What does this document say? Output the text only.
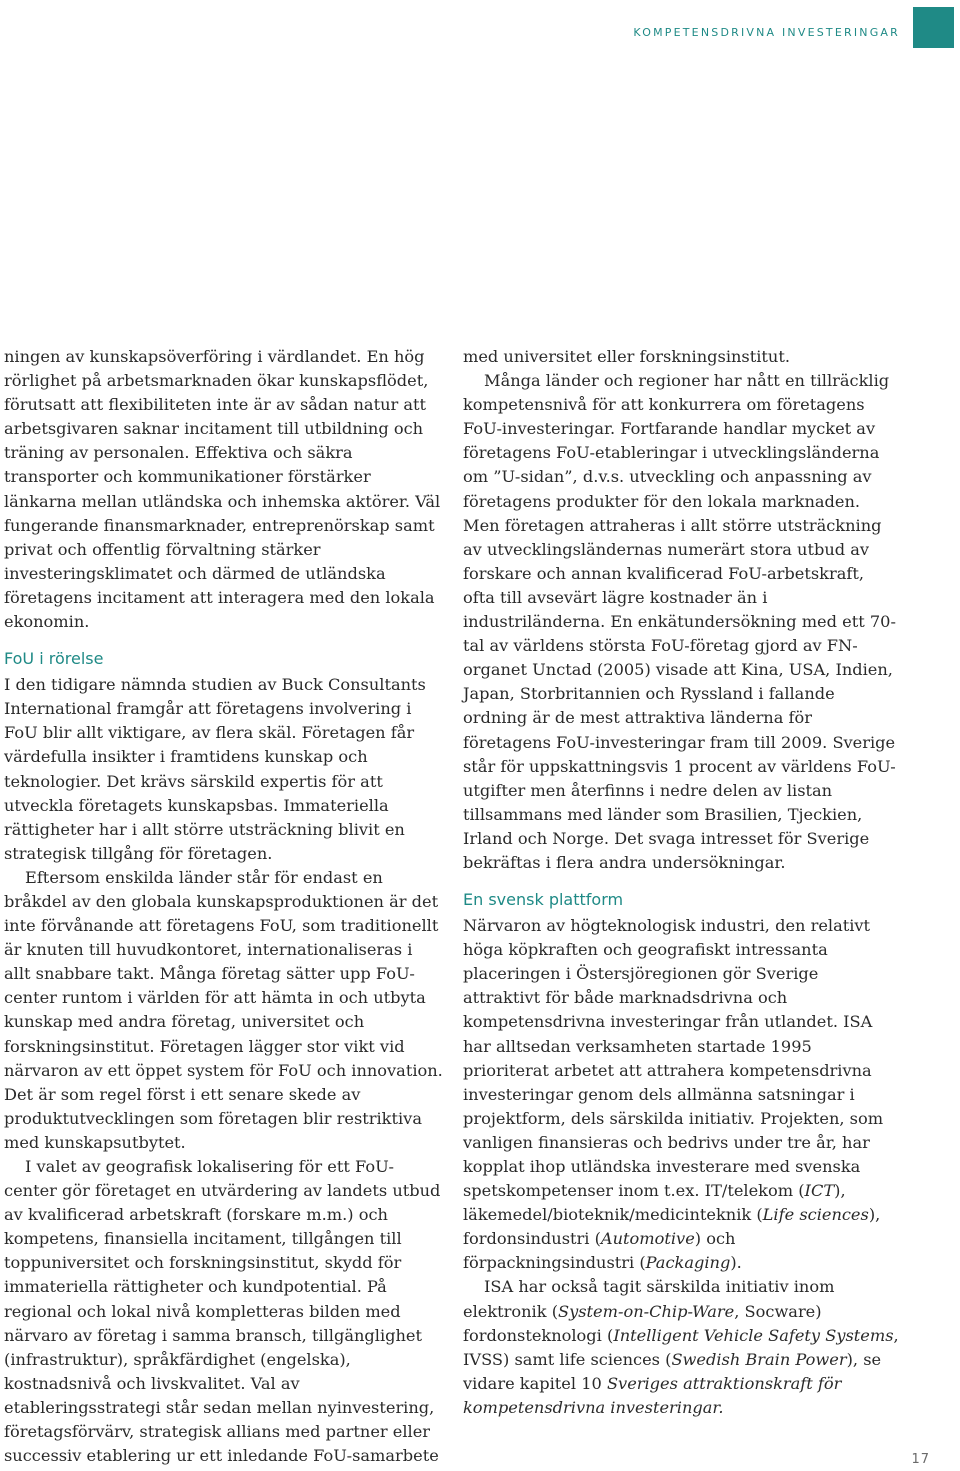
KOMPETENSDRIVNA INVESTERINGAR

ningen av kunskapsöverföring i värdlandet. En hög rörlighet på arbetsmarknaden ökar kunskapsflödet, förutsatt att flexibiliteten inte är av sådan natur att arbetsgivaren saknar incitament till utbildning och träning av personalen. Effektiva och säkra transporter och kommunikationer förstärker länkarna mellan utländska och inhemska aktörer. Väl fungerande finansmarknader, entreprenörskap samt privat och offentlig förvaltning stärker investeringsklimatet och därmed de utländska företagens incitament att interagera med den lokala ekonomin.

FoU i rörelse

I den tidigare nämnda studien av Buck Consultants International framgår att företagens involvering i FoU blir allt viktigare, av flera skäl. Företagen får värdefulla insikter i framtidens kunskap och teknologier. Det krävs särskild expertis för att utveckla företagets kunskapsbas. Immateriella rättigheter har i allt större utsträckning blivit en strategisk tillgång för företagen.

Eftersom enskilda länder står för endast en bråkdel av den globala kunskapsproduktionen är det inte förvånande att företagens FoU, som traditionellt är knuten till huvudkontoret, internationaliseras i allt snabbare takt. Många företag sätter upp FoU-center runtom i världen för att hämta in och utbyta kunskap med andra företag, universitet och forskningsinstitut. Företagen lägger stor vikt vid närvaron av ett öppet system för FoU och innovation. Det är som regel först i ett senare skede av produktutvecklingen som företagen blir restriktiva med kunskapsutbytet.

I valet av geografisk lokalisering för ett FoU-center gör företaget en utvärdering av landets utbud av kvalificerad arbetskraft (forskare m.m.) och kompetens, finansiella incitament, tillgången till toppuniversitet och forskningsinstitut, skydd för immateriella rättigheter och kundpotential. På regional och lokal nivå kompletteras bilden med närvaro av företag i samma bransch, tillgänglighet (infrastruktur), språkfärdighet (engelska), kostnadsnivå och livskvalitet. Val av etableringsstrategi står sedan mellan nyinvestering, företagsförvärv, strategisk allians med partner eller successiv etablering ur ett inledande FoU-samarbete

med universitet eller forskningsinstitut.

Många länder och regioner har nått en tillräcklig kompetensnivå för att konkurrera om företagens FoU-investeringar. Fortfarande handlar mycket av företagens FoU-etableringar i utvecklingsländerna om ”U-sidan”, d.v.s. utveckling och anpassning av företagens produkter för den lokala marknaden. Men företagen attraheras i allt större utsträckning av utvecklingsländernas numerärt stora utbud av forskare och annan kvalificerad FoU-arbetskraft, ofta till avsevärt lägre kostnader än i industriländerna. En enkätundersökning med ett 70-tal av världens största FoU-företag gjord av FN-organet Unctad (2005) visade att Kina, USA, Indien, Japan, Storbritannien och Ryssland i fallande ordning är de mest attraktiva länderna för företagens FoU-investeringar fram till 2009. Sverige står för uppskattningsvis 1 procent av världens FoU-utgifter men återfinns i nedre delen av listan tillsammans med länder som Brasilien, Tjeckien, Irland och Norge. Det svaga intresset för Sverige bekräftas i flera andra undersökningar.

En svensk plattform

Närvaron av högteknologisk industri, den relativt höga köpkraften och geografiskt intressanta placeringen i Östersjöregionen gör Sverige attraktivt för både marknadsdrivna och kompetensdrivna investeringar från utlandet. ISA har alltsedan verksamheten startade 1995 prioriterat arbetet att attrahera kompetensdrivna investeringar genom dels allmänna satsningar i projektform, dels särskilda initiativ. Projekten, som vanligen finansieras och bedrivs under tre år, har kopplat ihop utländska investerare med svenska spetskompetenser inom t.ex. IT/telekom (ICT), läkemedel/bioteknik/medicinteknik (Life sciences), fordonsindustri (Automotive) och förpackningsindustri (Packaging).

ISA har också tagit särskilda initiativ inom elektronik (System-on-Chip-Ware, Socware) fordonsteknologi (Intelligent Vehicle Safety Systems, IVSS) samt life sciences (Swedish Brain Power), se vidare kapitel 10 Sveriges attraktionskraft för kompetensdrivna investeringar.

17
